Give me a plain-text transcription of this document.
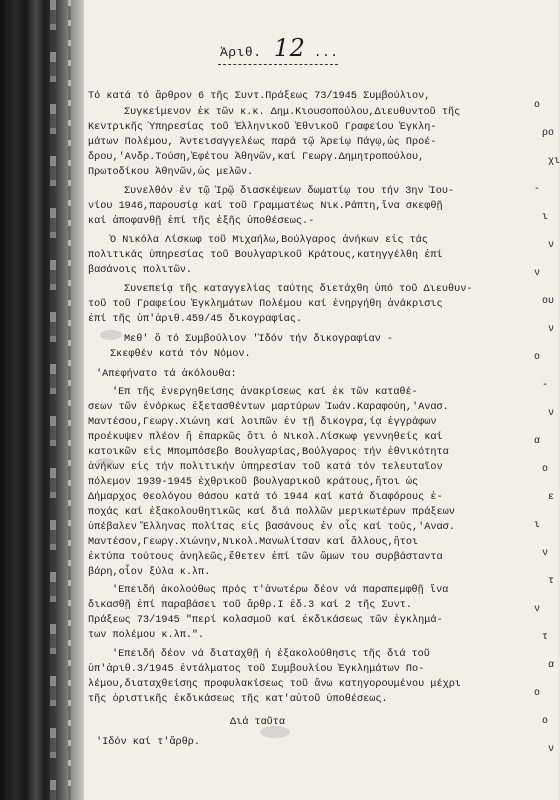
Ἀριθ. 12 ...
Τό κατά τό ἄρθρον 6 τῆς Συντ.Πράξεως 73/1945 Συμβούλιον,
Συγκείμενον ἐκ τῶν κ.κ. Δημ.Κιουσοπούλου,Διευθυντοῦ τῆς
Κεντρικῆς Ὑπηρεσίας τοῦ Ἑλληνικοῦ Ἐθνικοῦ Γραφείου Ἐγκλη-
μάτων Πολέμου, Ἀντεισαγγελέως παρά τῷ Ἀρείῳ Πάγῳ,ὡς Προέ-
δρου,'Ανδρ.Τούση,Ἐφέτου Ἀθηνῶν,καί Γεωργ.Δημητροπούλου,
Πρωτοδίκου Ἀθηνῶν,ὡς μελῶν.
Συνελθόν ἐν τῷ Ἱρῷ διασκέψεων δωματίῳ του τήν 3ην Ἰου-
νίου 1946,παρουσίᾳ καί τοῦ Γραμματέως Νικ.Ράπτη,ἵνα σκεφθῇ
καί ἀποφανθῇ ἐπί τῆς ἐξῆς ὑποθέσεως.-
Ὁ Νικόλα Λίσκωφ τοῦ Μιχαήλω,Βούλγαρος ἀνήκων εἰς τάς
πολιτικάς ὑπηρεσίας τοῦ Βουλγαρικοῦ Κράτους,κατηγγέλθη ἐπί
βασάνοις πολιτῶν.
Συνεπείᾳ τῆς καταγγελίας ταύτης διετάχθη ὑπό τοῦ Διευθυν-
τοῦ τοῦ Γραφείου Ἐγκλημάτων Πολέμου καί ἐνηργήθη ἀνάκρισις
ἐπί τῆς ὑπ'ἀριθ.459/45 δικογραφίας.
Μεθ' ὅ τό Συμβούλιον 'Ἰδόν τήν δικογραφίαν -
Σκεφθέν κατά τόν Νόμον.
'Απεφήνατο τά ἀκόλουθα:
'Επ τῆς ἐνεργηθείσης ἀνακρίσεως καί ἐκ τῶν καταθέ-
σεων τῶν ἐνόρκως ἐξετασθέντων μαρτύρων Ἰωάν.Καραφούη,'Ανασ.
Μαντέσου,Γεωργ.Χιώνη καί λοιπῶν ἐν τῇ δικογρα,ίᾳ ἐγγράφων
προέκυψεν πλέον ἢ ἐπαρκῶς ὅτι ὁ Νικολ.Λίσκωφ γεννηθείς καί
κατοικῶν εἰς Μπομπόσεβο Βουλγαρίας,Βούλγαρος τήν ἐθνικότητα
ἀνήκων εἰς τήν πολιτικήν ὑπηρεσίαν τοῦ κατά τόν τελευταῖον
πόλεμον 1939-1945 ἐχθρικοῦ βουλγαρικοῦ κράτους,ἤτοι ὡς
Δήμαρχος Θεολόγου Θάσου κατά τό 1944 καί κατά διαφόρους ἐ-
ποχάς καί ἐξακολουθητικῶς καί διά πολλῶν μερικωτέρων πράξεων
ὑπέβαλεν Ἕλληνας πολίτας εἰς βασάνους ἐν οἷς καί τούς,'Ανασ.
Μαντέσον,Γεωργ.Χιώνην,Νικολ.Μανωλίτσαν καί ἄλλους,ἤτοι
ἐκτύπα τούτους ἀνηλεῶς,ἔθετεν ἐπί τῶν ὤμων του συρβάσταντα
βάρη,οἷον ξύλα κ.λπ.
'Επειδή ἀκολούθως πρός τ'ἀνωτέρω δέον νά παραπεμφθῇ ἵνα
δικασθῇ ἐπί παραβάσει τοῦ ἄρθρ.Ι ἐδ.3 καί 2 τῆς Συντ.
Πράξεως 73/1945 "περί κολασμοῦ καί ἐκδικάσεως τῶν ἐγκλημά-
των πολέμου κ.λπ.".
'Επειδή δέον νά διαταχθῇ ἡ ἐξακολούθησις τῆς διά τοῦ
ὑπ'ἀριθ.3/1945 ἐντάλματος τοῦ Συμβουλίου Ἐγκλημάτων Πο-
λέμου,διαταχθείσης προφυλακίσεως τοῦ ἄνω κατηγορουμένου μέχρι
τῆς ὁριστικῆς ἐκδικάσεως τῆς κατ'αὐτοῦ ὑποθέσεως.
Διά ταῦτα
'Ιδόν καί τ'ἄρθρ.
ο
ρο
χι
-
ι
ν
ν
ου
ν
ο
-
ν
α
ο
ε
ι
ν
τ
ν
τ
α
ο
ο
ν
